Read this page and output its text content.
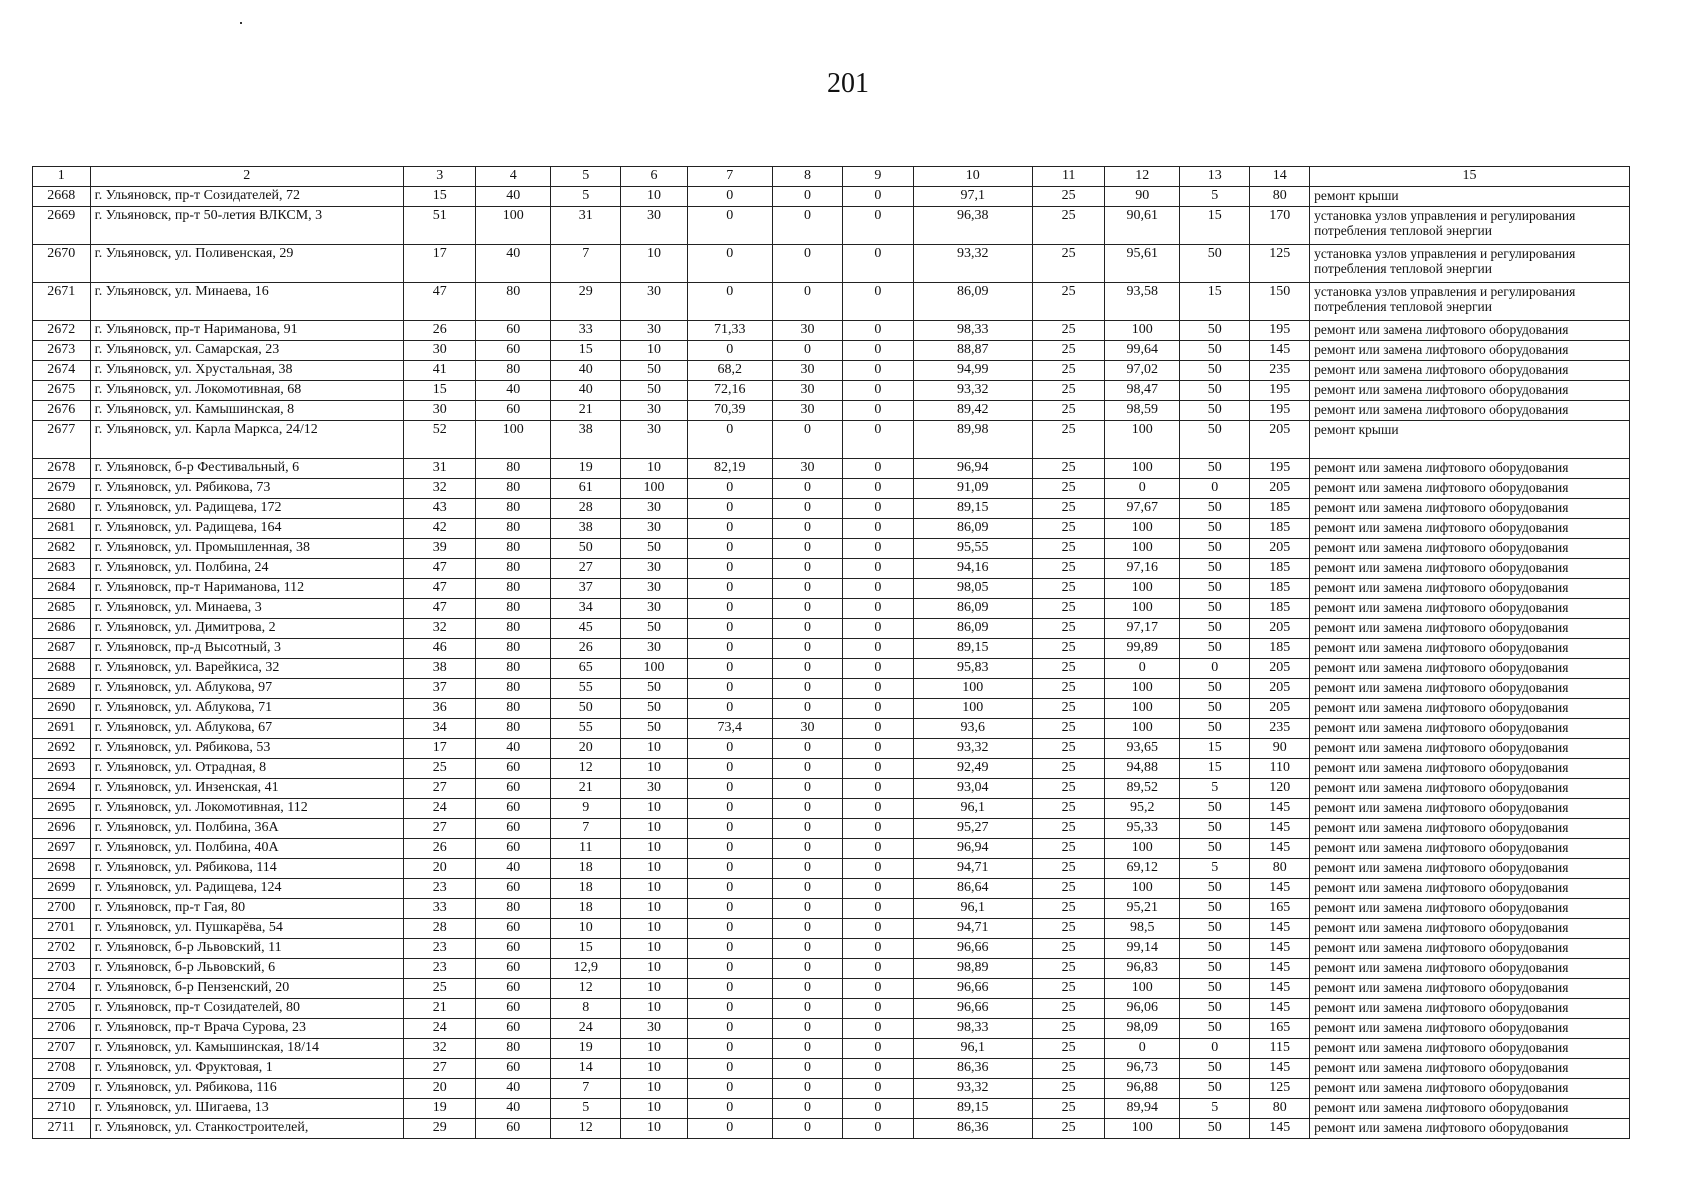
201
1	2	3	4	5	6	7	8	9	10	11	12	13	14	15
2668	г. Ульяновск, пр-т Созидателей, 72	15	40	5	10	0	0	0	97,1	25	90	5	80	ремонт крыши
2669	г. Ульяновск, пр-т 50-летия ВЛКСМ, 3	51	100	31	30	0	0	0	96,38	25	90,61	15	170	установка узлов управления и регулирования потребления тепловой энергии
2670	г. Ульяновск, ул. Поливенская, 29	17	40	7	10	0	0	0	93,32	25	95,61	50	125	установка узлов управления и регулирования потребления тепловой энергии
2671	г. Ульяновск, ул. Минаева, 16	47	80	29	30	0	0	0	86,09	25	93,58	15	150	установка узлов управления и регулирования потребления тепловой энергии
2672	г. Ульяновск, пр-т Нариманова, 91	26	60	33	30	71,33	30	0	98,33	25	100	50	195	ремонт или замена лифтового оборудования
2673	г. Ульяновск, ул. Самарская, 23	30	60	15	10	0	0	0	88,87	25	99,64	50	145	ремонт или замена лифтового оборудования
2674	г. Ульяновск, ул. Хрустальная, 38	41	80	40	50	68,2	30	0	94,99	25	97,02	50	235	ремонт или замена лифтового оборудования
2675	г. Ульяновск, ул. Локомотивная, 68	15	40	40	50	72,16	30	0	93,32	25	98,47	50	195	ремонт или замена лифтового оборудования
2676	г. Ульяновск, ул. Камышинская, 8	30	60	21	30	70,39	30	0	89,42	25	98,59	50	195	ремонт или замена лифтового оборудования
2677	г. Ульяновск, ул. Карла Маркса, 24/12	52	100	38	30	0	0	0	89,98	25	100	50	205	ремонт крыши
2678	г. Ульяновск, б-р Фестивальный, 6	31	80	19	10	82,19	30	0	96,94	25	100	50	195	ремонт или замена лифтового оборудования
2679	г. Ульяновск, ул. Рябикова, 73	32	80	61	100	0	0	0	91,09	25	0	0	205	ремонт или замена лифтового оборудования
2680	г. Ульяновск, ул. Радищева, 172	43	80	28	30	0	0	0	89,15	25	97,67	50	185	ремонт или замена лифтового оборудования
2681	г. Ульяновск, ул. Радищева, 164	42	80	38	30	0	0	0	86,09	25	100	50	185	ремонт или замена лифтового оборудования
2682	г. Ульяновск, ул. Промышленная, 38	39	80	50	50	0	0	0	95,55	25	100	50	205	ремонт или замена лифтового оборудования
2683	г. Ульяновск, ул. Полбина, 24	47	80	27	30	0	0	0	94,16	25	97,16	50	185	ремонт или замена лифтового оборудования
2684	г. Ульяновск, пр-т Нариманова, 112	47	80	37	30	0	0	0	98,05	25	100	50	185	ремонт или замена лифтового оборудования
2685	г. Ульяновск, ул. Минаева, 3	47	80	34	30	0	0	0	86,09	25	100	50	185	ремонт или замена лифтового оборудования
2686	г. Ульяновск, ул. Димитрова, 2	32	80	45	50	0	0	0	86,09	25	97,17	50	205	ремонт или замена лифтового оборудования
2687	г. Ульяновск, пр-д Высотный, 3	46	80	26	30	0	0	0	89,15	25	99,89	50	185	ремонт или замена лифтового оборудования
2688	г. Ульяновск, ул. Варейкиса, 32	38	80	65	100	0	0	0	95,83	25	0	0	205	ремонт или замена лифтового оборудования
2689	г. Ульяновск, ул. Аблукова, 97	37	80	55	50	0	0	0	100	25	100	50	205	ремонт или замена лифтового оборудования
2690	г. Ульяновск, ул. Аблукова, 71	36	80	50	50	0	0	0	100	25	100	50	205	ремонт или замена лифтового оборудования
2691	г. Ульяновск, ул. Аблукова, 67	34	80	55	50	73,4	30	0	93,6	25	100	50	235	ремонт или замена лифтового оборудования
2692	г. Ульяновск, ул. Рябикова, 53	17	40	20	10	0	0	0	93,32	25	93,65	15	90	ремонт или замена лифтового оборудования
2693	г. Ульяновск, ул. Отрадная, 8	25	60	12	10	0	0	0	92,49	25	94,88	15	110	ремонт или замена лифтового оборудования
2694	г. Ульяновск, ул. Инзенская, 41	27	60	21	30	0	0	0	93,04	25	89,52	5	120	ремонт или замена лифтового оборудования
2695	г. Ульяновск, ул. Локомотивная, 112	24	60	9	10	0	0	0	96,1	25	95,2	50	145	ремонт или замена лифтового оборудования
2696	г. Ульяновск, ул. Полбина, 36А	27	60	7	10	0	0	0	95,27	25	95,33	50	145	ремонт или замена лифтового оборудования
2697	г. Ульяновск, ул. Полбина, 40А	26	60	11	10	0	0	0	96,94	25	100	50	145	ремонт или замена лифтового оборудования
2698	г. Ульяновск, ул. Рябикова, 114	20	40	18	10	0	0	0	94,71	25	69,12	5	80	ремонт или замена лифтового оборудования
2699	г. Ульяновск, ул. Радищева, 124	23	60	18	10	0	0	0	86,64	25	100	50	145	ремонт или замена лифтового оборудования
2700	г. Ульяновск, пр-т Гая, 80	33	80	18	10	0	0	0	96,1	25	95,21	50	165	ремонт или замена лифтового оборудования
2701	г. Ульяновск, ул. Пушкарёва, 54	28	60	10	10	0	0	0	94,71	25	98,5	50	145	ремонт или замена лифтового оборудования
2702	г. Ульяновск, б-р Львовский, 11	23	60	15	10	0	0	0	96,66	25	99,14	50	145	ремонт или замена лифтового оборудования
2703	г. Ульяновск, б-р Львовский, 6	23	60	12,9	10	0	0	0	98,89	25	96,83	50	145	ремонт или замена лифтового оборудования
2704	г. Ульяновск, б-р Пензенский, 20	25	60	12	10	0	0	0	96,66	25	100	50	145	ремонт или замена лифтового оборудования
2705	г. Ульяновск, пр-т Созидателей, 80	21	60	8	10	0	0	0	96,66	25	96,06	50	145	ремонт или замена лифтового оборудования
2706	г. Ульяновск, пр-т Врача Сурова, 23	24	60	24	30	0	0	0	98,33	25	98,09	50	165	ремонт или замена лифтового оборудования
2707	г. Ульяновск, ул. Камышинская, 18/14	32	80	19	10	0	0	0	96,1	25	0	0	115	ремонт или замена лифтового оборудования
2708	г. Ульяновск, ул. Фруктовая, 1	27	60	14	10	0	0	0	86,36	25	96,73	50	145	ремонт или замена лифтового оборудования
2709	г. Ульяновск, ул. Рябикова, 116	20	40	7	10	0	0	0	93,32	25	96,88	50	125	ремонт или замена лифтового оборудования
2710	г. Ульяновск, ул. Шигаева, 13	19	40	5	10	0	0	0	89,15	25	89,94	5	80	ремонт или замена лифтового оборудования
2711	г. Ульяновск, ул. Станкостроителей,	29	60	12	10	0	0	0	86,36	25	100	50	145	ремонт или замена лифтового оборудования
